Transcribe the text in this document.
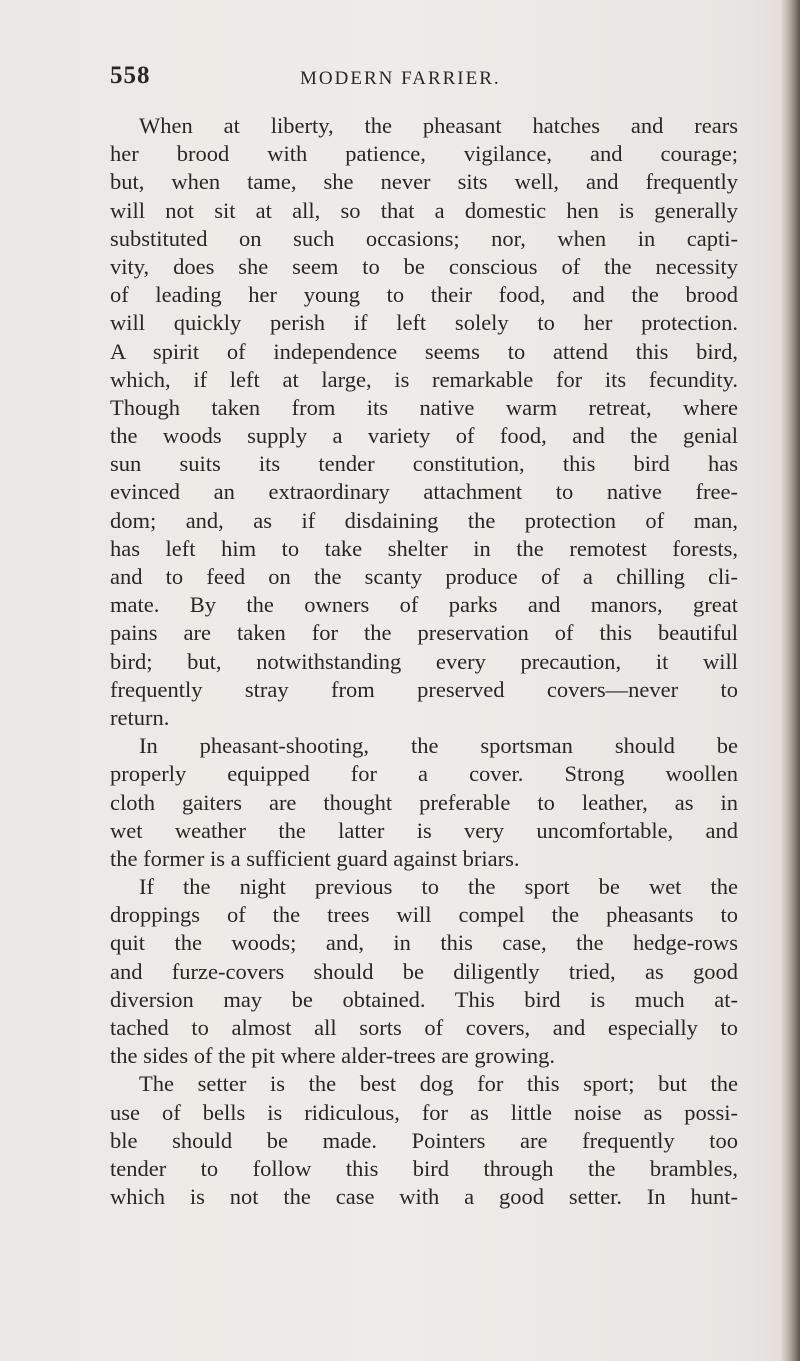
558	MODERN FARRIER.
When at liberty, the pheasant hatches and rears
her brood with patience, vigilance, and courage;
but, when tame, she never sits well, and frequently
will not sit at all, so that a domestic hen is generally
substituted on such occasions; nor, when in capti-
vity, does she seem to be conscious of the necessity
of leading her young to their food, and the brood
will quickly perish if left solely to her protection.
A spirit of independence seems to attend this bird,
which, if left at large, is remarkable for its fecundity.
Though taken from its native warm retreat, where
the woods supply a variety of food, and the genial
sun suits its tender constitution, this bird has
evinced an extraordinary attachment to native free-
dom; and, as if disdaining the protection of man,
has left him to take shelter in the remotest forests,
and to feed on the scanty produce of a chilling cli-
mate. By the owners of parks and manors, great
pains are taken for the preservation of this beautiful
bird; but, notwithstanding every precaution, it will
frequently stray from preserved covers—never to
return.
In pheasant-shooting, the sportsman should be
properly equipped for a cover. Strong woollen
cloth gaiters are thought preferable to leather, as in
wet weather the latter is very uncomfortable, and
the former is a sufficient guard against briars.
If the night previous to the sport be wet the
droppings of the trees will compel the pheasants to
quit the woods; and, in this case, the hedge-rows
and furze-covers should be diligently tried, as good
diversion may be obtained. This bird is much at-
tached to almost all sorts of covers, and especially to
the sides of the pit where alder-trees are growing.
The setter is the best dog for this sport; but the
use of bells is ridiculous, for as little noise as possi-
ble should be made. Pointers are frequently too
tender to follow this bird through the brambles,
which is not the case with a good setter. In hunt-
